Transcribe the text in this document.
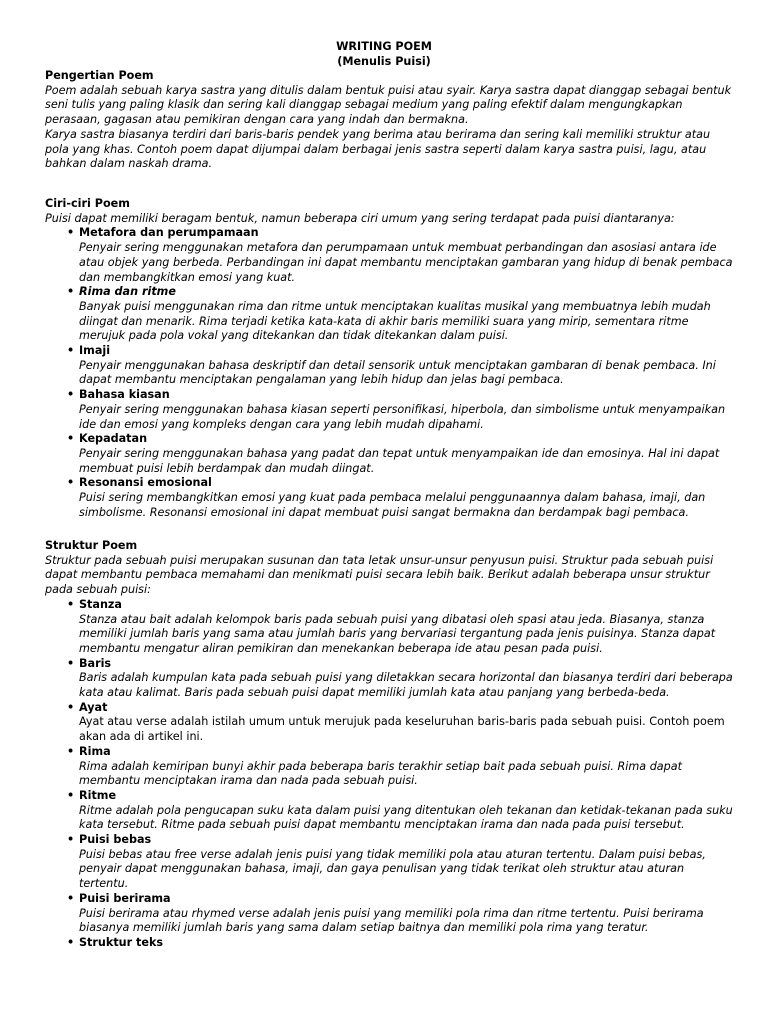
WRITING POEM
(Menulis Puisi)
Pengertian Poem

Poem adalah sebuah karya sastra yang ditulis dalam bentuk puisi atau syair. Karya sastra dapat dianggap sebagai bentuk seni tulis yang paling klasik dan sering kali dianggap sebagai medium yang paling efektif dalam mengungkapkan perasaan, gagasan atau pemikiran dengan cara yang indah dan bermakna.

Karya sastra biasanya terdiri dari baris-baris pendek yang berima atau berirama dan sering kali memiliki struktur atau pola yang khas. Contoh poem dapat dijumpai dalam berbagai jenis sastra seperti dalam karya sastra puisi, lagu, atau bahkan dalam naskah drama.

Ciri-ciri Poem

Puisi dapat memiliki beragam bentuk, namun beberapa ciri umum yang sering terdapat pada puisi diantaranya:

• Metafora dan perumpamaan
Penyair sering menggunakan metafora dan perumpamaan untuk membuat perbandingan dan asosiasi antara ide atau objek yang berbeda. Perbandingan ini dapat membantu menciptakan gambaran yang hidup di benak pembaca dan membangkitkan emosi yang kuat.
• Rima dan ritme
Banyak puisi menggunakan rima dan ritme untuk menciptakan kualitas musikal yang membuatnya lebih mudah diingat dan menarik. Rima terjadi ketika kata-kata di akhir baris memiliki suara yang mirip, sementara ritme merujuk pada pola vokal yang ditekankan dan tidak ditekankan dalam puisi.
• Imaji
Penyair menggunakan bahasa deskriptif dan detail sensorik untuk menciptakan gambaran di benak pembaca. Ini dapat membantu menciptakan pengalaman yang lebih hidup dan jelas bagi pembaca.
• Bahasa kiasan
Penyair sering menggunakan bahasa kiasan seperti personifikasi, hiperbola, dan simbolisme untuk menyampaikan ide dan emosi yang kompleks dengan cara yang lebih mudah dipahami.
• Kepadatan
Penyair sering menggunakan bahasa yang padat dan tepat untuk menyampaikan ide dan emosinya. Hal ini dapat membuat puisi lebih berdampak dan mudah diingat.
• Resonansi emosional
Puisi sering membangkitkan emosi yang kuat pada pembaca melalui penggunaannya dalam bahasa, imaji, dan simbolisme. Resonansi emosional ini dapat membuat puisi sangat bermakna dan berdampak bagi pembaca.
Struktur Poem

Struktur pada sebuah puisi merupakan susunan dan tata letak unsur-unsur penyusun puisi. Struktur pada sebuah puisi dapat membantu pembaca memahami dan menikmati puisi secara lebih baik. Berikut adalah beberapa unsur struktur pada sebuah puisi:

• Stanza
Stanza atau bait adalah kelompok baris pada sebuah puisi yang dibatasi oleh spasi atau jeda. Biasanya, stanza memiliki jumlah baris yang sama atau jumlah baris yang bervariasi tergantung pada jenis puisinya. Stanza dapat membantu mengatur aliran pemikiran dan menekankan beberapa ide atau pesan pada puisi.
• Baris
Baris adalah kumpulan kata pada sebuah puisi yang diletakkan secara horizontal dan biasanya terdiri dari beberapa kata atau kalimat. Baris pada sebuah puisi dapat memiliki jumlah kata atau panjang yang berbeda-beda.
• Ayat
Ayat atau verse adalah istilah umum untuk merujuk pada keseluruhan baris-baris pada sebuah puisi. Contoh poem akan ada di artikel ini.
• Rima
Rima adalah kemiripan bunyi akhir pada beberapa baris terakhir setiap bait pada sebuah puisi. Rima dapat membantu menciptakan irama dan nada pada sebuah puisi.
• Ritme
Ritme adalah pola pengucapan suku kata dalam puisi yang ditentukan oleh tekanan dan ketidak-tekanan pada suku kata tersebut. Ritme pada sebuah puisi dapat membantu menciptakan irama dan nada pada puisi tersebut.
• Puisi bebas
Puisi bebas atau free verse adalah jenis puisi yang tidak memiliki pola atau aturan tertentu. Dalam puisi bebas, penyair dapat menggunakan bahasa, imaji, dan gaya penulisan yang tidak terikat oleh struktur atau aturan tertentu.
• Puisi berirama
Puisi berirama atau rhymed verse adalah jenis puisi yang memiliki pola rima dan ritme tertentu. Puisi berirama biasanya memiliki jumlah baris yang sama dalam setiap baitnya dan memiliki pola rima yang teratur.
• Struktur teks
